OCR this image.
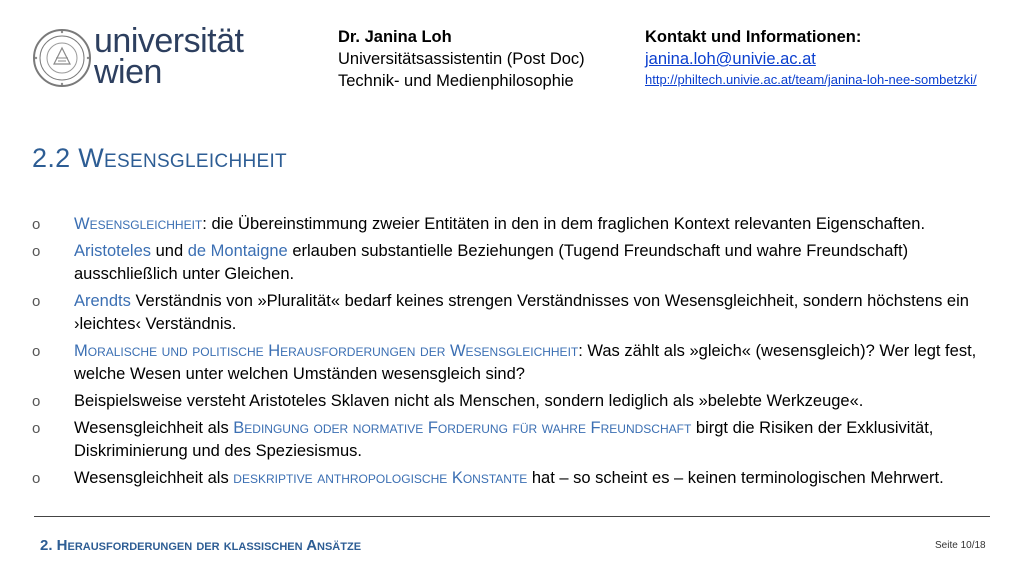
universität
wien
Dr. Janina Loh
Universitätsassistentin (Post Doc)
Technik- und Medienphilosophie
Kontakt und Informationen:
janina.loh@univie.ac.at
http://philtech.univie.ac.at/team/janina-loh-nee-sombetzki/
2.2 Wesensgleichheit
o Wesensgleichheit: die Übereinstimmung zweier Entitäten in den in dem fraglichen Kontext relevanten Eigenschaften.
o Aristoteles und de Montaigne erlauben substantielle Beziehungen (Tugend Freundschaft und wahre Freundschaft) ausschließlich unter Gleichen.
o Arendts Verständnis von »Pluralität« bedarf keines strengen Verständnisses von Wesensgleichheit, sondern höchstens ein ›leichtes‹ Verständnis.
o Moralische und politische Herausforderungen der Wesensgleichheit: Was zählt als »gleich« (wesensgleich)? Wer legt fest, welche Wesen unter welchen Umständen wesensgleich sind?
o Beispielsweise versteht Aristoteles Sklaven nicht als Menschen, sondern lediglich als »belebte Werkzeuge«.
o Wesensgleichheit als Bedingung oder normative Forderung für wahre Freundschaft birgt die Risiken der Exklusivität, Diskriminierung und des Speziesismus.
o Wesensgleichheit als deskriptive anthropologische Konstante hat – so scheint es – keinen terminologischen Mehrwert.
2. Herausforderungen der klassischen Ansätze	Seite 10/18
